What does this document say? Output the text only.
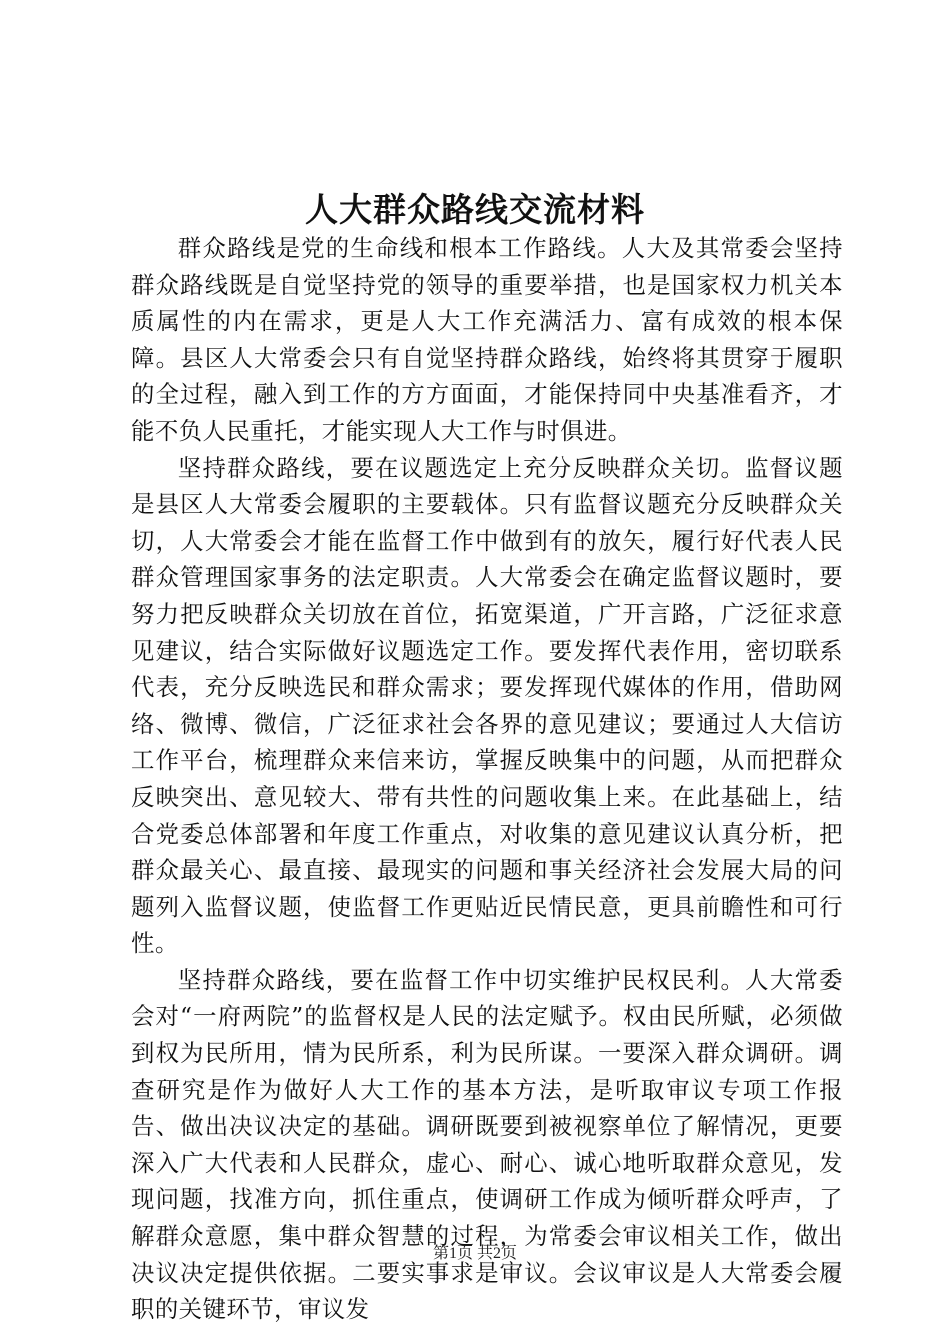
人大群众路线交流材料

群众路线是党的生命线和根本工作路线。人大及其常委会坚持群众路线既是自觉坚持党的领导的重要举措，也是国家权力机关本质属性的内在需求，更是人大工作充满活力、富有成效的根本保障。县区人大常委会只有自觉坚持群众路线，始终将其贯穿于履职的全过程，融入到工作的方方面面，才能保持同中央基准看齐，才能不负人民重托，才能实现人大工作与时俱进。

坚持群众路线，要在议题选定上充分反映群众关切。监督议题是县区人大常委会履职的主要载体。只有监督议题充分反映群众关切，人大常委会才能在监督工作中做到有的放矢，履行好代表人民群众管理国家事务的法定职责。人大常委会在确定监督议题时，要努力把反映群众关切放在首位，拓宽渠道，广开言路，广泛征求意见建议，结合实际做好议题选定工作。要发挥代表作用，密切联系代表，充分反映选民和群众需求；要发挥现代媒体的作用，借助网络、微博、微信，广泛征求社会各界的意见建议；要通过人大信访工作平台，梳理群众来信来访，掌握反映集中的问题，从而把群众反映突出、意见较大、带有共性的问题收集上来。在此基础上，结合党委总体部署和年度工作重点，对收集的意见建议认真分析，把群众最关心、最直接、最现实的问题和事关经济社会发展大局的问题列入监督议题，使监督工作更贴近民情民意，更具前瞻性和可行性。

坚持群众路线，要在监督工作中切实维护民权民利。人大常委会对“一府两院”的监督权是人民的法定赋予。权由民所赋，必须做到权为民所用，情为民所系，利为民所谋。一要深入群众调研。调查研究是作为做好人大工作的基本方法，是听取审议专项工作报告、做出决议决定的基础。调研既要到被视察单位了解情况，更要深入广大代表和人民群众，虚心、耐心、诚心地听取群众意见，发现问题，找准方向，抓住重点，使调研工作成为倾听群众呼声，了解群众意愿，集中群众智慧的过程，为常委会审议相关工作，做出决议决定提供依据。二要实事求是审议。会议审议是人大常委会履职的关键环节，审议发

第1页 共2页
